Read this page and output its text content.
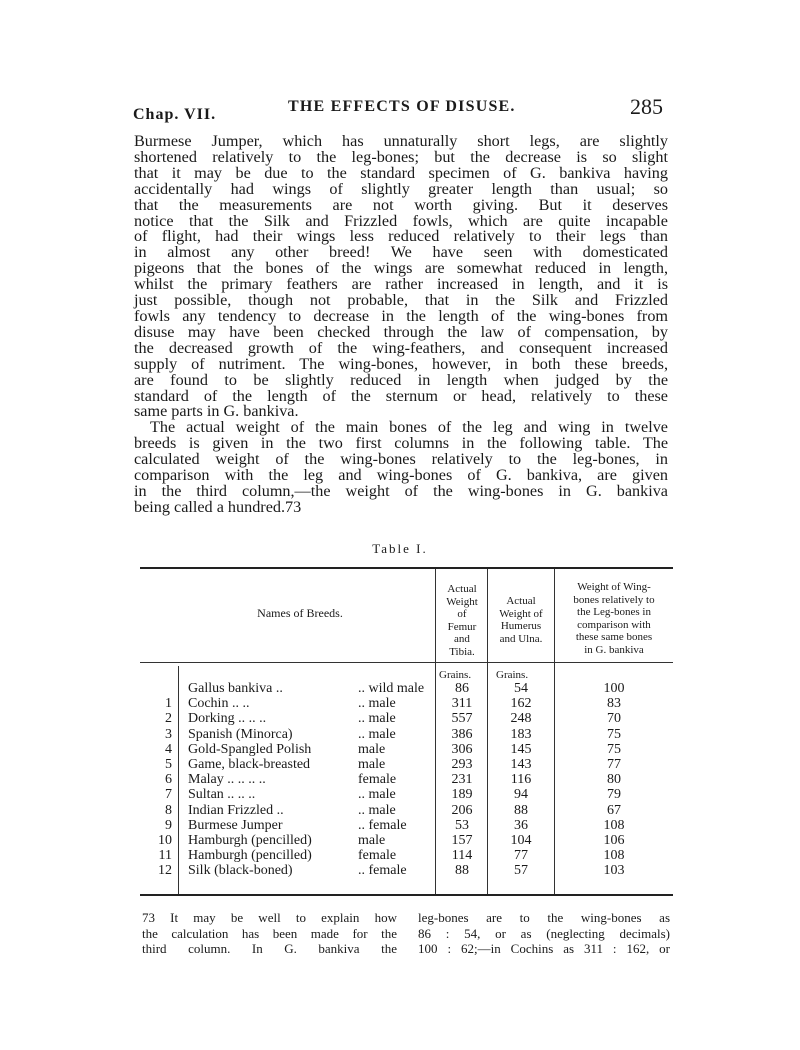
Chap. VII.	THE EFFECTS OF DISUSE.	285
Burmese Jumper, which has unnaturally short legs, are slightly
shortened relatively to the leg-bones; but the decrease is so slight
that it may be due to the standard specimen of G. bankiva having
accidentally had wings of slightly greater length than usual; so
that the measurements are not worth giving. But it deserves
notice that the Silk and Frizzled fowls, which are quite incapable
of flight, had their wings less reduced relatively to their legs than
in almost any other breed! We have seen with domesticated
pigeons that the bones of the wings are somewhat reduced in length,
whilst the primary feathers are rather increased in length, and it is
just possible, though not probable, that in the Silk and Frizzled
fowls any tendency to decrease in the length of the wing-bones from
disuse may have been checked through the law of compensation, by
the decreased growth of the wing-feathers, and consequent increased
supply of nutriment. The wing-bones, however, in both these breeds,
are found to be slightly reduced in length when judged by the
standard of the length of the sternum or head, relatively to these
same parts in G. bankiva.
The actual weight of the main bones of the leg and wing in twelve
breeds is given in the two first columns in the following table. The
calculated weight of the wing-bones relatively to the leg-bones, in
comparison with the leg and wing-bones of G. bankiva, are given
in the third column,—the weight of the wing-bones in G. bankiva
being called a hundred.73
Table I.
Names of Breeds.
Actual
Weight
of
Femur
and
Tibia.
Actual
Weight of
Humerus
and Ulna.
Weight of Wing-
bones relatively to
the Leg-bones in
comparison with
these same bones
in G. bankiva
Grains. Grains.
Gallus bankiva ..	.. wild male	86	54	100
1 Cochin .. ..	.. male	311	162	83
2 Dorking .. .. ..	.. male	557	248	70
3 Spanish (Minorca)	.. male	386	183	75
4 Gold-Spangled Polish	male	306	145	75
5 Game, black-breasted	male	293	143	77
6 Malay .. .. .. ..	female	231	116	80
7 Sultan .. .. ..	.. male	189	94	79
8 Indian Frizzled ..	.. male	206	88	67
9 Burmese Jumper	.. female	53	36	108
10 Hamburgh (pencilled)	male	157	104	106
11 Hamburgh (pencilled)	female	114	77	108
12 Silk (black-boned)	.. female	88	57	103
73 It may be well to explain how
the calculation has been made for the
third column. In G. bankiva the
leg-bones are to the wing-bones as
86 : 54, or as (neglecting decimals)
100 : 62;—in Cochins as 311 : 162, or
